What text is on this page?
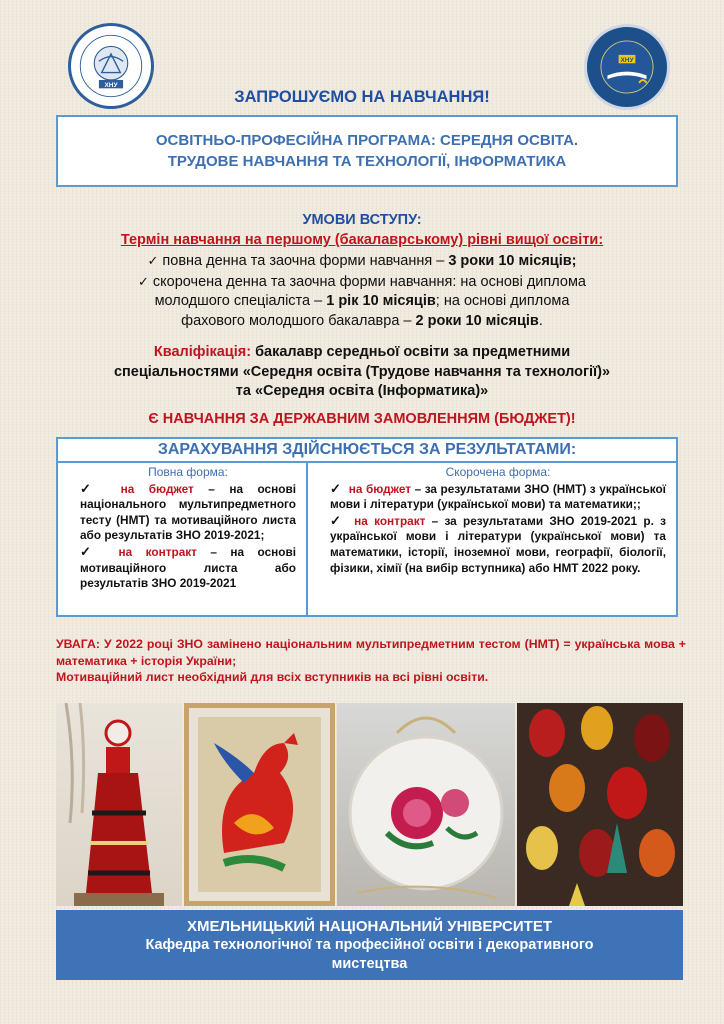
ХНУ
ХНУ
ЗАПРОШУЄМО НА НАВЧАННЯ!
ОСВІТНЬО-ПРОФЕСІЙНА ПРОГРАМА: СЕРЕДНЯ ОСВІТА.
ТРУДОВЕ НАВЧАННЯ ТА ТЕХНОЛОГІЇ, ІНФОРМАТИКА
УМОВИ ВСТУПУ:
Термін навчання на першому (бакалаврському) рівні вищої освіти:
✓ повна денна та заочна форми навчання – 3 роки 10 місяців;
✓ скорочена денна та заочна форми навчання: на основі диплома
молодшого спеціаліста – 1 рік 10 місяців; на основі диплома
фахового молодшого бакалавра – 2 роки 10 місяців.
Кваліфікація: бакалавр середньої освіти за предметними
спеціальностями «Середня освіта (Трудове навчання та технології)»
та «Середня освіта (Інформатика)»
Є НАВЧАННЯ ЗА ДЕРЖАВНИМ ЗАМОВЛЕННЯМ (БЮДЖЕТ)!
ЗАРАХУВАННЯ ЗДІЙСНЮЄТЬСЯ ЗА РЕЗУЛЬТАТАМИ:
Повна форма:

✓ на бюджет – на основі національного мультипредметного тесту (НМТ) та мотиваційного листа або результатів ЗНО 2019-2021;

✓ на контракт – на основі мотиваційного листа або результатів ЗНО 2019-2021

Скорочена форма:

✓ на бюджет – за результатами ЗНО (НМТ) з української мови і літератури (української мови) та математики;;

✓ на контракт – за результатами ЗНО 2019-2021 р. з української мови і літератури (української мови) та математики, історії, іноземної мови, географії, біології, фізики, хімії (на вибір вступника) або НМТ 2022 року.

УВАГА: У 2022 році ЗНО замінено національним мультипредметним тестом (НМТ) = українська мова + математика + історія України;
Мотиваційний лист необхідний для всіх вступників на всі рівні освіти.
ХМЕЛЬНИЦЬКИЙ НАЦІОНАЛЬНИЙ УНІВЕРСИТЕТ
Кафедра технологічної та професійної освіти і декоративного
мистецтва
